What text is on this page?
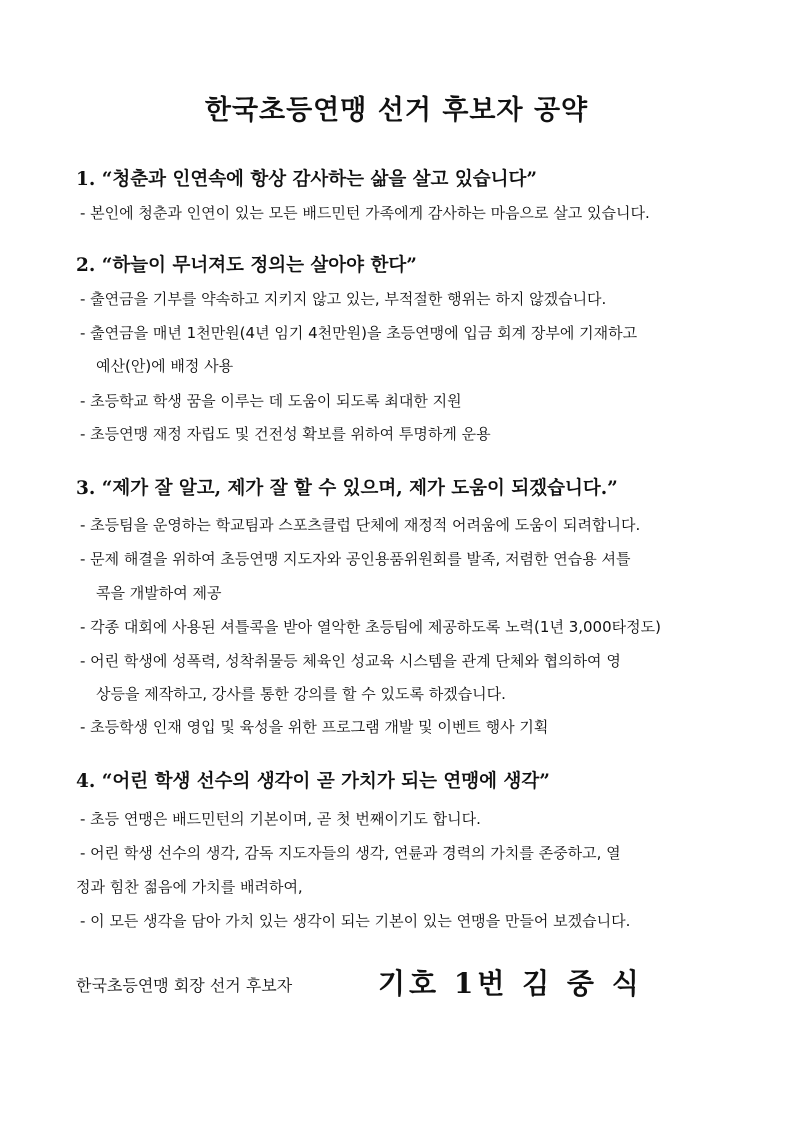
한국초등연맹 선거 후보자 공약
1. “청춘과 인연속에 항상 감사하는 삶을 살고 있습니다”
- 본인에 청춘과 인연이 있는 모든 배드민턴 가족에게 감사하는 마음으로 살고 있습니다.
2. “하늘이 무너져도 정의는 살아야 한다”
- 출연금을 기부를 약속하고 지키지 않고 있는, 부적절한 행위는 하지 않겠습니다.
- 출연금을 매년 1천만원(4년 임기 4천만원)을 초등연맹에 입금 회계 장부에 기재하고
예산(안)에 배정 사용
- 초등학교 학생 꿈을 이루는 데 도움이 되도록 최대한 지원
- 초등연맹 재정 자립도 및 건전성 확보를 위하여 투명하게 운용
3. “제가 잘 알고, 제가 잘 할 수 있으며, 제가 도움이 되겠습니다.”
- 초등팀을 운영하는 학교팀과 스포츠클럽 단체에 재정적 어려움에 도움이 되려합니다.
- 문제 해결을 위하여 초등연맹 지도자와 공인용품위원회를 발족, 저렴한 연습용 셔틀
콕을 개발하여 제공
- 각종 대회에 사용된 셔틀콕을 받아 열악한 초등팀에 제공하도록 노력(1년 3,000타정도)
- 어린 학생에 성폭력, 성착취물등 체육인 성교육 시스템을 관계 단체와 협의하여 영
상등을 제작하고, 강사를 통한 강의를 할 수 있도록 하겠습니다.
- 초등학생 인재 영입 및 육성을 위한 프로그램 개발 및 이벤트 행사 기획
4. “어린 학생 선수의 생각이 곧 가치가 되는 연맹에 생각”
- 초등 연맹은 배드민턴의 기본이며, 곧 첫 번째이기도 합니다.
- 어린 학생 선수의 생각, 감독 지도자들의 생각, 연륜과 경력의 가치를 존중하고, 열
정과 힘찬 젊음에 가치를 배려하여,
- 이 모든 생각을 담아 가치 있는 생각이 되는 기본이 있는 연맹을 만들어 보겠습니다.
한국초등연맹 회장 선거 후보자	기호 1번 김 중 식
